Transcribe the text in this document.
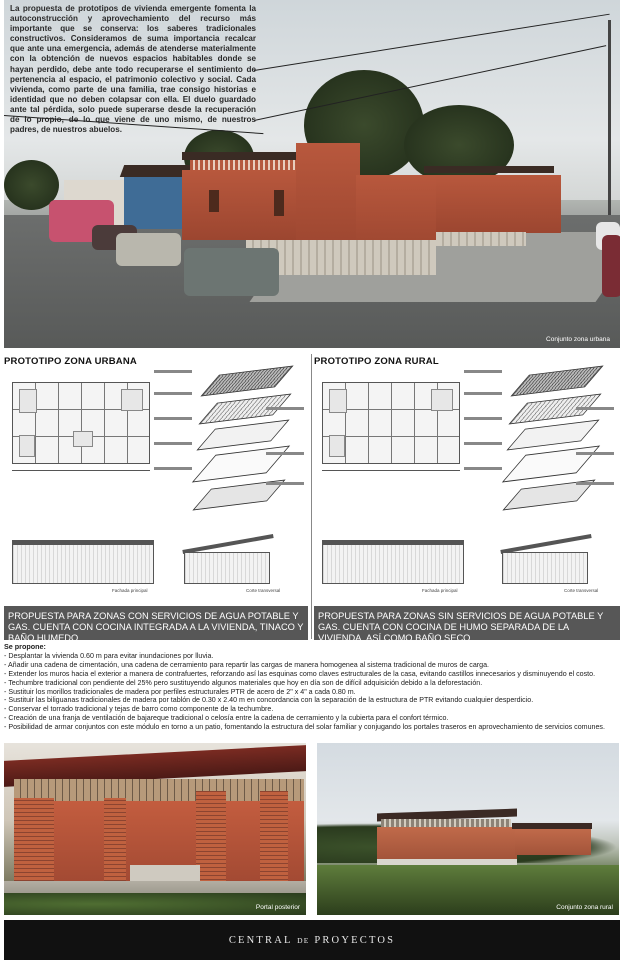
La propuesta de prototipos de vivienda emergente fomenta la autoconstrucción y aprovechamiento del recurso más importante que se conserva: los saberes tradicionales constructivos. Consideramos de suma importancia recalcar que ante una emergencia, además de atenderse materialmente con la obtención de nuevos espacios habitables donde se hayan perdido, debe ante todo recuperarse el sentimiento de pertenencia al espacio, el patrimonio colectivo y social. Cada vivienda, como parte de una familia, trae consigo historias e identidad que no deben colapsar con ella. El duelo guardado ante tal pérdida, solo puede superarse desde la recuperación de lo propio, de lo que viene de uno mismo, de nuestros padres, de nuestros abuelos.

Conjunto zona urbana
PROTOTIPO ZONA URBANA
Fachada principal	Corte transversal
PROPUESTA PARA ZONAS CON SERVICIOS DE AGUA POTABLE Y GAS. CUENTA CON COCINA INTEGRADA A LA VIVIENDA, TINACO Y BAÑO HUMEDO.
PROTOTIPO ZONA RURAL
Fachada principal	Corte transversal
PROPUESTA PARA ZONAS SIN SERVICIOS DE AGUA POTABLE Y GAS. CUENTA CON COCINA DE HUMO SEPARADA DE LA VIVIENDA, ASÍ COMO BAÑO SECO.
Se propone:
- Desplantar la vivienda 0.60 m para evitar inundaciones por lluvia.
- Añadir una cadena de cimentación, una cadena de cerramiento para repartir las cargas de manera homogenea al sistema tradicional de muros de carga.
- Extender los muros hacia el exterior a manera de contrafuertes, reforzando así las esquinas como claves estructurales de la casa, evitando castillos innecesarios y disminuyendo el costo.
- Techumbre tradicional con pendiente del 25% pero sustituyendo algunos materiales que hoy en día son de difícil adquisición debido a la deforestación.
- Sustituir los morillos tradicionales de madera por perfiles estructurales PTR de acero de 2" x 4" a cada 0.80 m.
- Sustituir las biliguanas tradicionales de madera por tablón de 0.30 x 2.40 m en concordancia con la separación de la estructura de PTR evitando cualquier desperdicio.
- Conservar el torrado tradicional y tejas de barro como componente de la techumbre.
- Creación de una franja de ventilación de bajareque tradicional o celosía entre la cadena de cerramiento y la cubierta para el confort térmico.
- Posibilidad de armar conjuntos con este módulo en torno a un patio, fomentando la estructura del solar familiar y conjugando los portales traseros en aprovechamiento de servicios comunes.
Portal posterior	Conjunto zona rural
CENTRAL DE PROYECTOS
